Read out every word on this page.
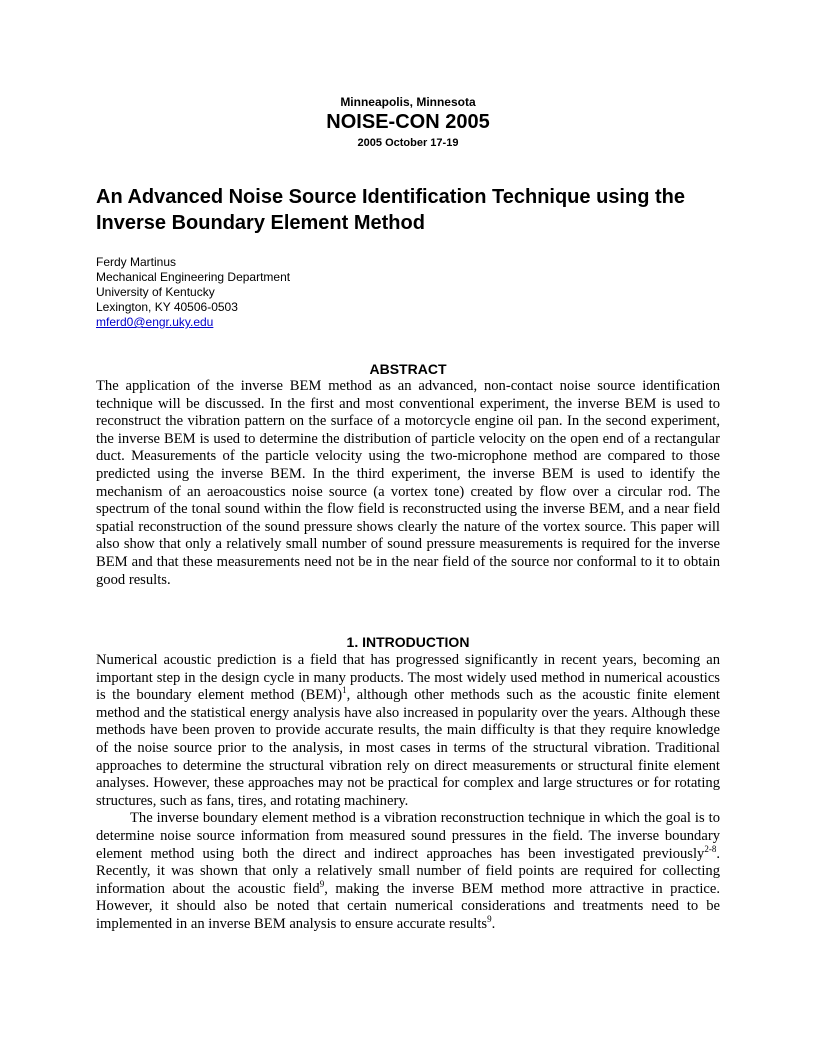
Minneapolis, Minnesota
NOISE-CON 2005
2005 October 17-19
An Advanced Noise Source Identification Technique using the Inverse Boundary Element Method
Ferdy Martinus
Mechanical Engineering Department
University of Kentucky
Lexington, KY 40506-0503
mferd0@engr.uky.edu
ABSTRACT

The application of the inverse BEM method as an advanced, non-contact noise source identification technique will be discussed. In the first and most conventional experiment, the inverse BEM is used to reconstruct the vibration pattern on the surface of a motorcycle engine oil pan. In the second experiment, the inverse BEM is used to determine the distribution of particle velocity on the open end of a rectangular duct. Measurements of the particle velocity using the two-microphone method are compared to those predicted using the inverse BEM. In the third experiment, the inverse BEM is used to identify the mechanism of an aeroacoustics noise source (a vortex tone) created by flow over a circular rod. The spectrum of the tonal sound within the flow field is reconstructed using the inverse BEM, and a near field spatial reconstruction of the sound pressure shows clearly the nature of the vortex source. This paper will also show that only a relatively small number of sound pressure measurements is required for the inverse BEM and that these measurements need not be in the near field of the source nor conformal to it to obtain good results.

1. INTRODUCTION

Numerical acoustic prediction is a field that has progressed significantly in recent years, becoming an important step in the design cycle in many products. The most widely used method in numerical acoustics is the boundary element method (BEM)$^1$, although other methods such as the acoustic finite element method and the statistical energy analysis have also increased in popularity over the years. Although these methods have been proven to provide accurate results, the main difficulty is that they require knowledge of the noise source prior to the analysis, in most cases in terms of the structural vibration. Traditional approaches to determine the structural vibration rely on direct measurements or structural finite element analyses. However, these approaches may not be practical for complex and large structures or for rotating structures, such as fans, tires, and rotating machinery.

The inverse boundary element method is a vibration reconstruction technique in which the goal is to determine noise source information from measured sound pressures in the field. The inverse boundary element method using both the direct and indirect approaches has been investigated previously$^{2-8}$. Recently, it was shown that only a relatively small number of field points are required for collecting information about the acoustic field$^9$, making the inverse BEM method more attractive in practice. However, it should also be noted that certain numerical considerations and treatments need to be implemented in an inverse BEM analysis to ensure accurate results$^9$.
